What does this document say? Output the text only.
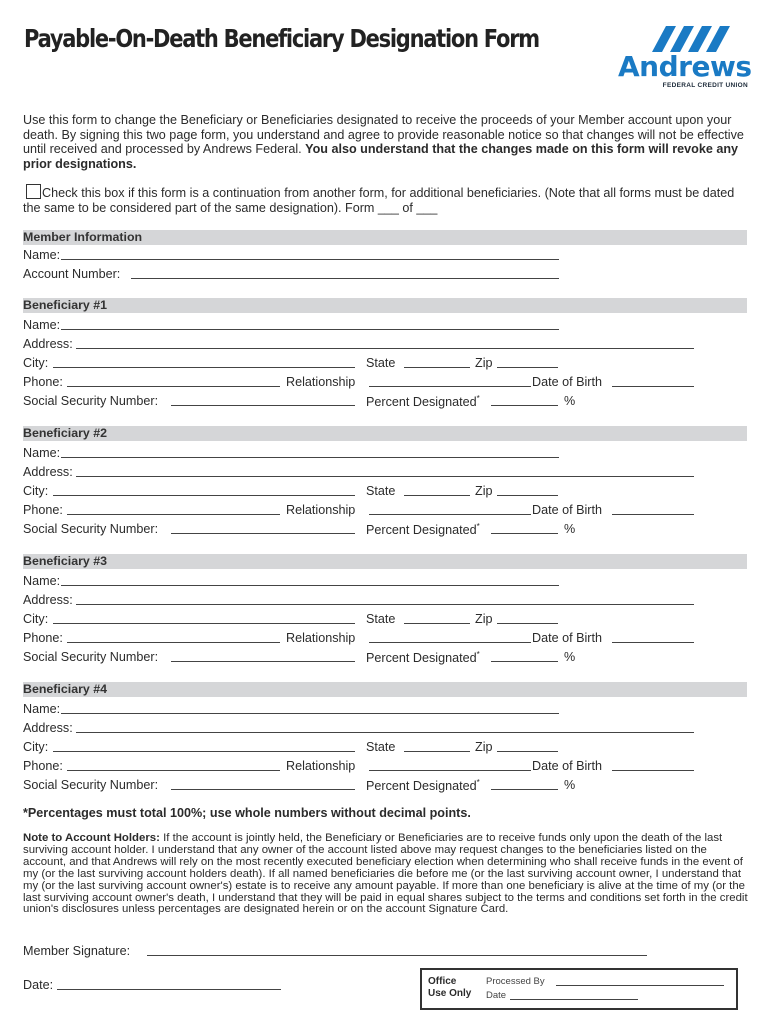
Payable-On-Death Beneficiary Designation Form
Andrews
FEDERAL CREDIT UNION
Use this form to change the Beneficiary or Beneficiaries designated to receive the proceeds of your Member account upon your death. By signing this two page form, you understand and agree to provide reasonable notice so that changes will not be effective until received and processed by Andrews Federal. You also understand that the changes made on this form will revoke any prior designations.
Check this box if this form is a continuation from another form, for additional beneficiaries. (Note that all forms must be dated the same to be considered part of the same designation). Form ___ of ___
Member Information
Name:
Account Number:
Beneficiary #1
Name:
Address:
City:	State	Zip
Phone:	Relationship	Date of Birth
Social Security Number:	Percent Designated*	%
Beneficiary #2
Name:
Address:
City:	State	Zip
Phone:	Relationship	Date of Birth
Social Security Number:	Percent Designated*	%
Beneficiary #3
Name:
Address:
City:	State	Zip
Phone:	Relationship	Date of Birth
Social Security Number:	Percent Designated*	%
Beneficiary #4
Name:
Address:
City:	State	Zip
Phone:	Relationship	Date of Birth
Social Security Number:	Percent Designated*	%
*Percentages must total 100%; use whole numbers without decimal points.
Note to Account Holders: If the account is jointly held, the Beneficiary or Beneficiaries are to receive funds only upon the death of the last surviving account holder. I understand that any owner of the account listed above may request changes to the beneficiaries listed on the account, and that Andrews will rely on the most recently executed beneficiary election when determining who shall receive funds in the event of my (or the last surviving account holders death). If all named beneficiaries die before me (or the last surviving account owner, I understand that my (or the last surviving account owner's) estate is to receive any amount payable. If more than one beneficiary is alive at the time of my (or the last surviving account owner's death, I understand that they will be paid in equal shares subject to the terms and conditions set forth in the credit union's disclosures unless percentages are designated herein or on the account Signature Card.
Member Signature:
Date:	Office
Use Only
Processed By
Date
